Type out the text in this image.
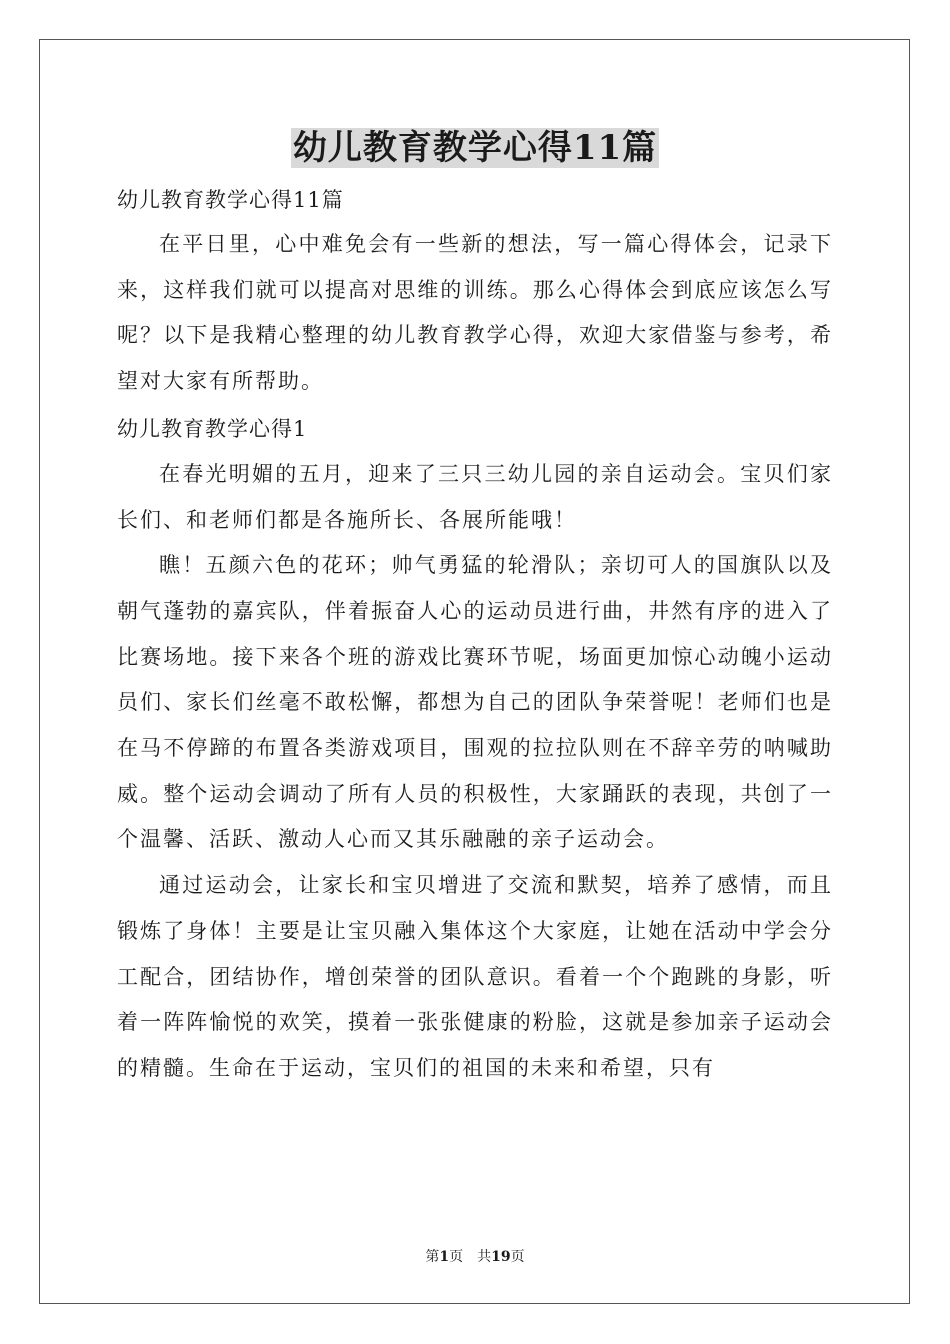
幼儿教育教学心得11篇

幼儿教育教学心得11篇

在平日里，心中难免会有一些新的想法，写一篇心得体会，记录下来，这样我们就可以提高对思维的训练。那么心得体会到底应该怎么写呢？以下是我精心整理的幼儿教育教学心得，欢迎大家借鉴与参考，希望对大家有所帮助。

幼儿教育教学心得1

在春光明媚的五月，迎来了三只三幼儿园的亲自运动会。宝贝们家长们、和老师们都是各施所长、各展所能哦！

瞧！五颜六色的花环；帅气勇猛的轮滑队；亲切可人的国旗队以及朝气蓬勃的嘉宾队，伴着振奋人心的运动员进行曲，井然有序的进入了比赛场地。接下来各个班的游戏比赛环节呢，场面更加惊心动魄小运动员们、家长们丝毫不敢松懈，都想为自己的团队争荣誉呢！老师们也是在马不停蹄的布置各类游戏项目，围观的拉拉队则在不辞辛劳的呐喊助威。整个运动会调动了所有人员的积极性，大家踊跃的表现，共创了一个温馨、活跃、激动人心而又其乐融融的亲子运动会。

通过运动会，让家长和宝贝增进了交流和默契，培养了感情，而且锻炼了身体！主要是让宝贝融入集体这个大家庭，让她在活动中学会分工配合，团结协作，增创荣誉的团队意识。看着一个个跑跳的身影，听着一阵阵愉悦的欢笑，摸着一张张健康的粉脸，这就是参加亲子运动会的精髓。生命在于运动，宝贝们的祖国的未来和希望，只有

第1页　共19页
